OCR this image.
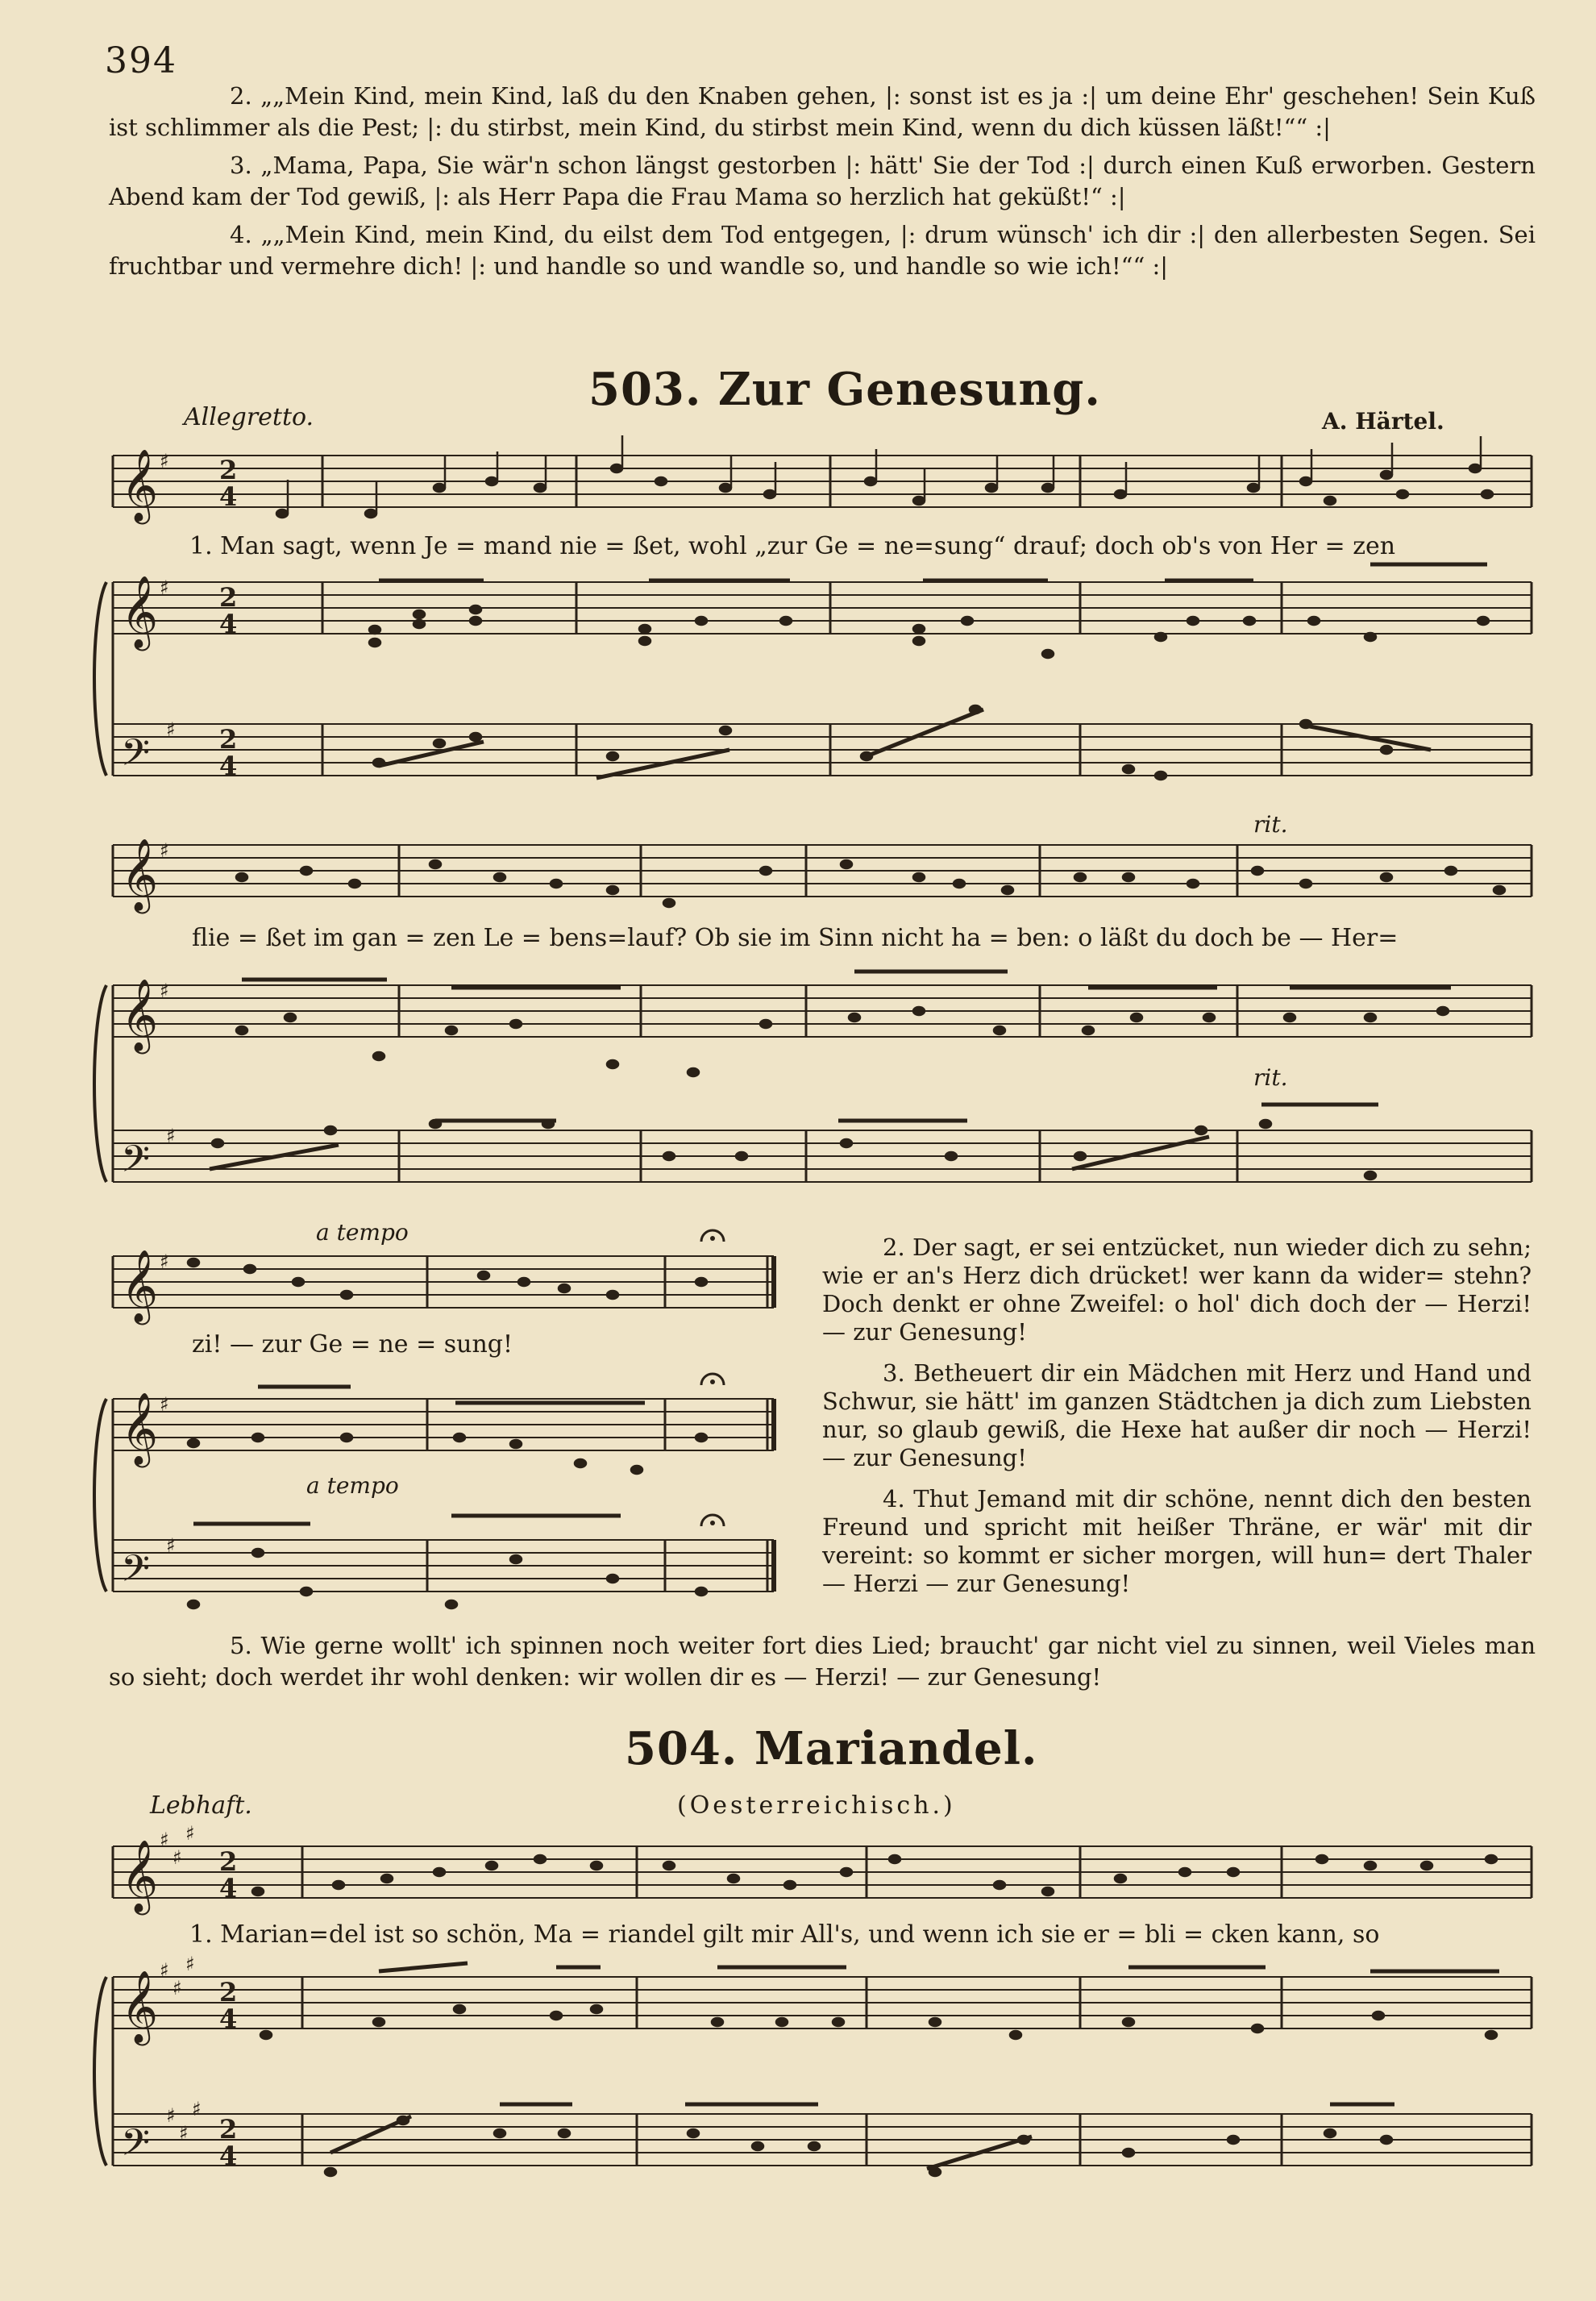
394
2. „„Mein Kind, mein Kind, laß du den Knaben gehen, |: sonst ist es ja :| um deine Ehr' geschehen! Sein Kuß ist schlimmer als die Pest; |: du stirbst, mein Kind, du stirbst mein Kind, wenn du dich küssen läßt!““ :|
3. „Mama, Papa, Sie wär'n schon längst gestorben |: hätt' Sie der Tod :| durch einen Kuß erworben. Gestern Abend kam der Tod gewiß, |: als Herr Papa die Frau Mama so herzlich hat geküßt!“ :|
4. „„Mein Kind, mein Kind, du eilst dem Tod entgegen, |: drum wünsch' ich dir :| den allerbesten Segen. Sei fruchtbar und vermehre dich! |: und handle so und wandle so, und handle so wie ich!““ :|
503. Zur Genesung.
Allegretto.	A. Härtel.
𝄞
𝄞
𝄢
𝄞
𝄞
𝄢
𝄞
𝄞
𝄢
𝄞
𝄞
𝄢
♯
♯
♯
♯
♯
♯
♯
♯
♯
♯
♯
♯
♯
♯
♯
♯
♯
♯
2
4
2
4
2
4
2
4
2
4
2
4
1. Man sagt, wenn Je = mand nie = ßet, wohl „zur Ge = ne=sung“ drauf; doch ob's von Her = zen
flie = ßet im gan = zen Le = bens=lauf? Ob sie im Sinn nicht ha = ben: o läßt du doch be — Her=
zi! — zur Ge = ne = sung!
rit.
rit.
a tempo
a tempo
2. Der sagt, er sei entzücket, nun wieder dich zu sehn; wie er an's Herz dich drücket! wer kann da wider= stehn? Doch denkt er ohne Zweifel: o hol' dich doch der — Herzi! — zur Genesung!
3. Betheuert dir ein Mädchen mit Herz und Hand und Schwur, sie hätt' im ganzen Städtchen ja dich zum Liebsten nur, so glaub gewiß, die Hexe hat außer dir noch — Herzi! — zur Genesung!
4. Thut Jemand mit dir schöne, nennt dich den besten Freund und spricht mit heißer Thräne, er wär' mit dir vereint: so kommt er sicher morgen, will hun= dert Thaler — Herzi — zur Genesung!
5. Wie gerne wollt' ich spinnen noch weiter fort dies Lied; braucht' gar nicht viel zu sinnen, weil Vieles man so sieht; doch werdet ihr wohl denken: wir wollen dir es — Herzi! — zur Genesung!
504. Mariandel.
(Oesterreichisch.)
Lebhaft.
1. Marian=del ist so schön, Ma = riandel gilt mir All's, und wenn ich sie er = bli = cken kann, so
